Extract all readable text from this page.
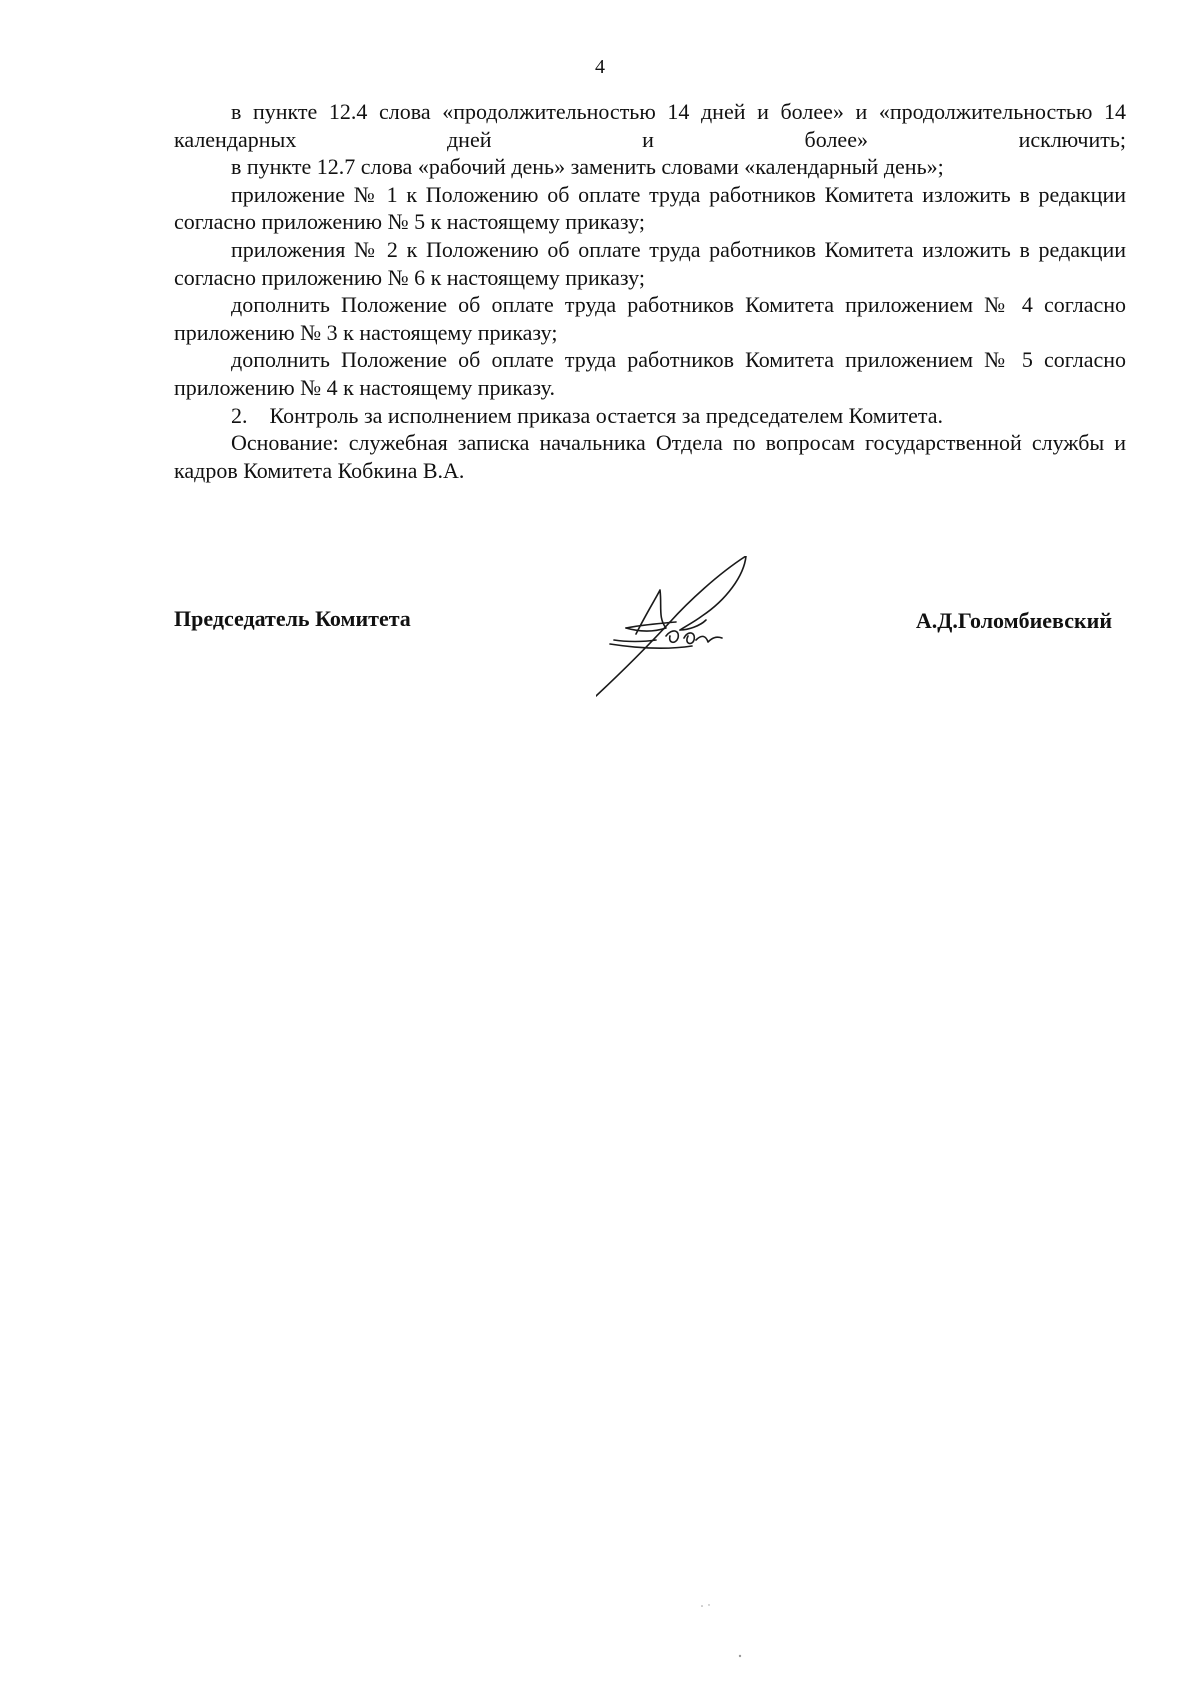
4

в пункте 12.4 слова «продолжительностью 14 дней и более» и «продолжительностью 14 календарных дней и более» исключить;

в пункте 12.7 слова «рабочий день» заменить словами «календарный день»;

приложение № 1 к Положению об оплате труда работников Комитета изложить в редакции согласно приложению № 5 к настоящему приказу;

приложения № 2 к Положению об оплате труда работников Комитета изложить в редакции согласно приложению № 6 к настоящему приказу;

дополнить Положение об оплате труда работников Комитета приложением № 4 согласно приложению № 3 к настоящему приказу;

дополнить Положение об оплате труда работников Комитета приложением № 5 согласно приложению № 4 к настоящему приказу.

2.    Контроль за исполнением приказа остается за председателем Комитета.

Основание: служебная записка начальника Отдела по вопросам государственной службы и кадров Комитета Кобкина В.А.

Председатель Комитета	А.Д.Голомбиевский
